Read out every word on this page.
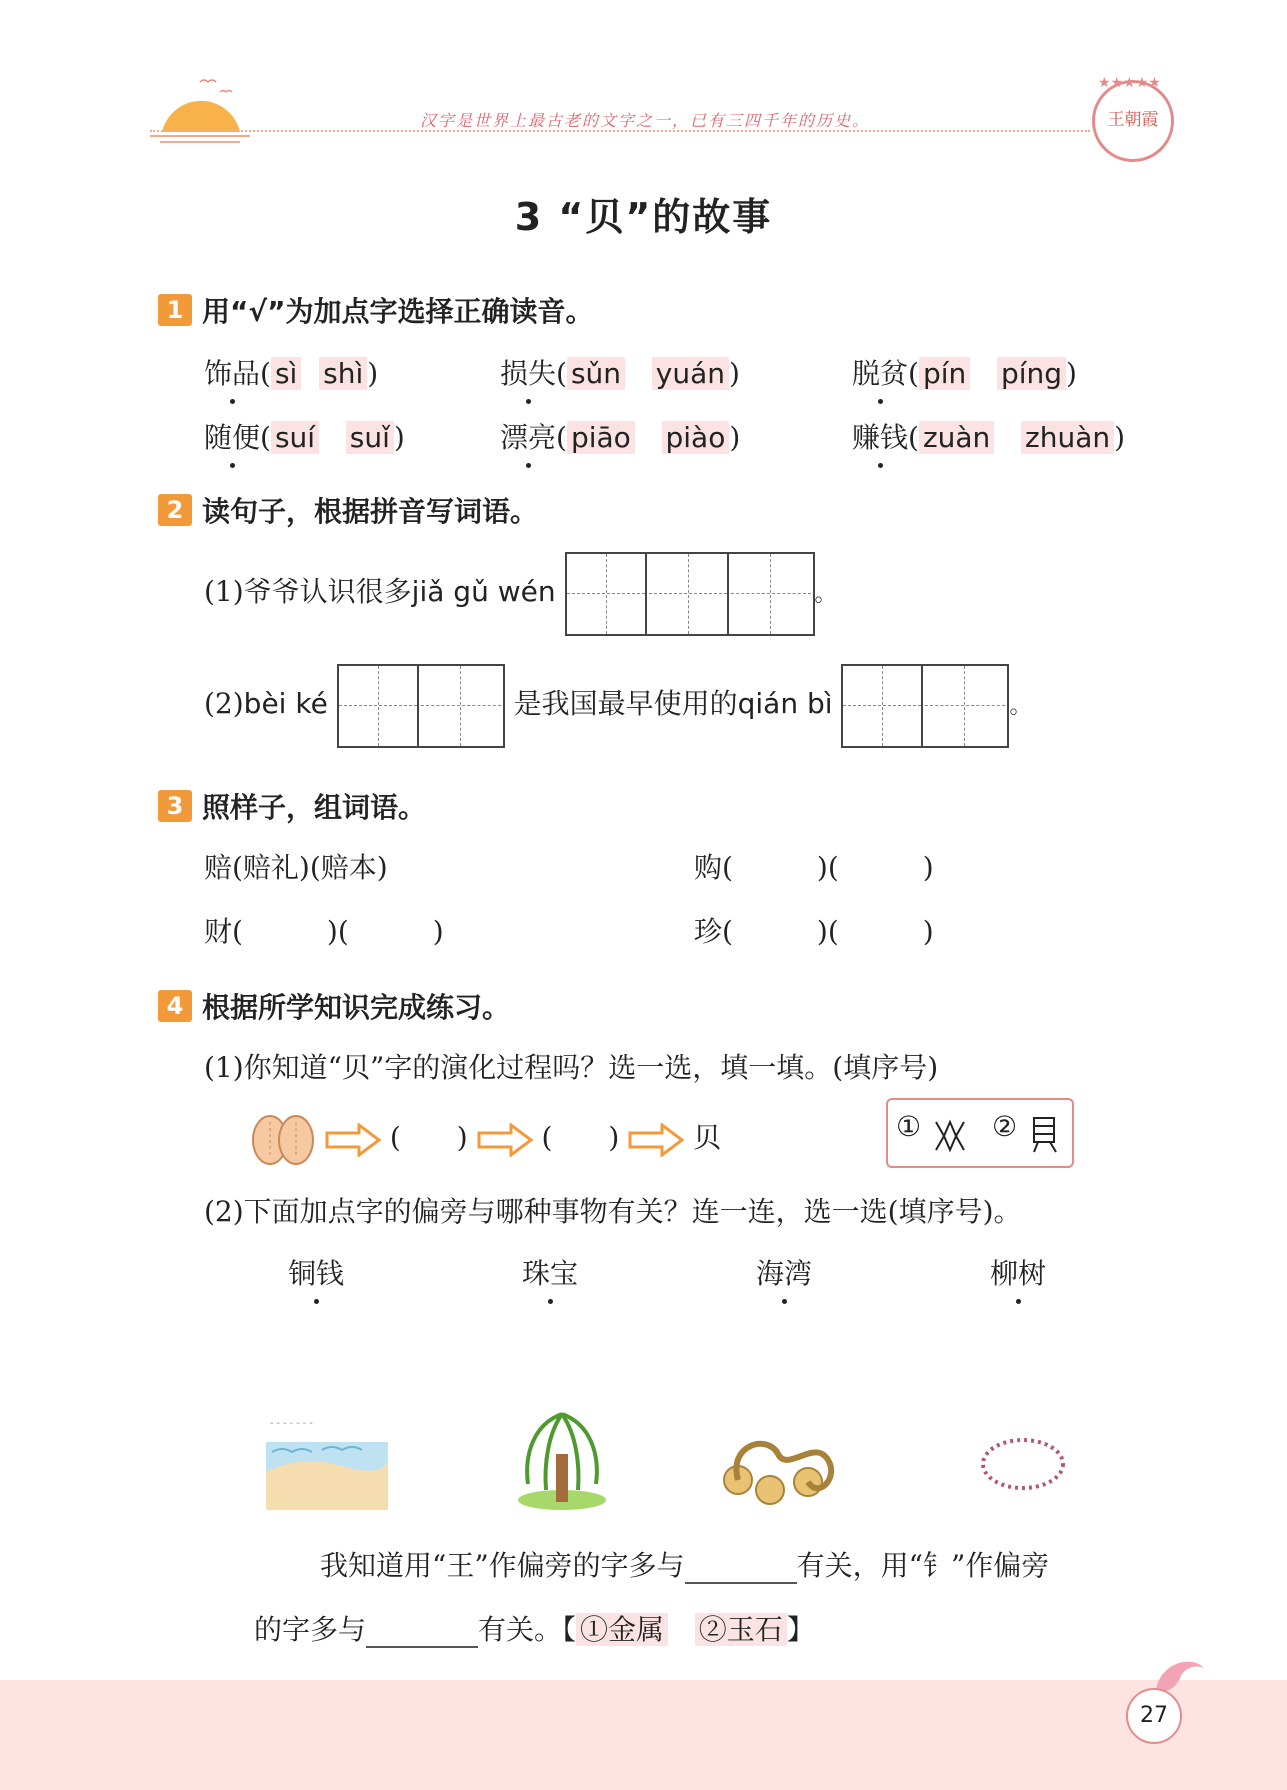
汉字是世界上最古老的文字之一，已有三四千年的历史。
★★★★★
王朝霞
3 “贝”的故事
1 用“√”为加点字选择正确读音。
饰品( sì shì )	损失( sǔn yuán )	脱贫( pín píng )
随便( suí suǐ )	漂亮( piāo piào )	赚钱( zuàn zhuàn )
2 读句子，根据拼音写词语。
(1)爷爷认识很多jiǎ gǔ wén	。
(2)bèi ké	是我国最早使用的qián bì	。
3 照样子，组词语。
赔(赔礼)(赔本)	购(　　　)(　　　)
财(　　　)(　　　)	珍(　　　)(　　　)
4 根据所学知识完成练习。
(1)你知道“贝”字的演化过程吗？选一选，填一填。(填序号)
(　　)	(　　)	贝	①	②
(2)下面加点字的偏旁与哪种事物有关？连一连，选一选(填序号)。
铜钱	珠宝	海湾	柳树
- - - - - - -
我知道用“王”作偏旁的字多与	有关，用“钅”作偏旁
的字多与	有关。【 ①金属 ②玉石 】
27
